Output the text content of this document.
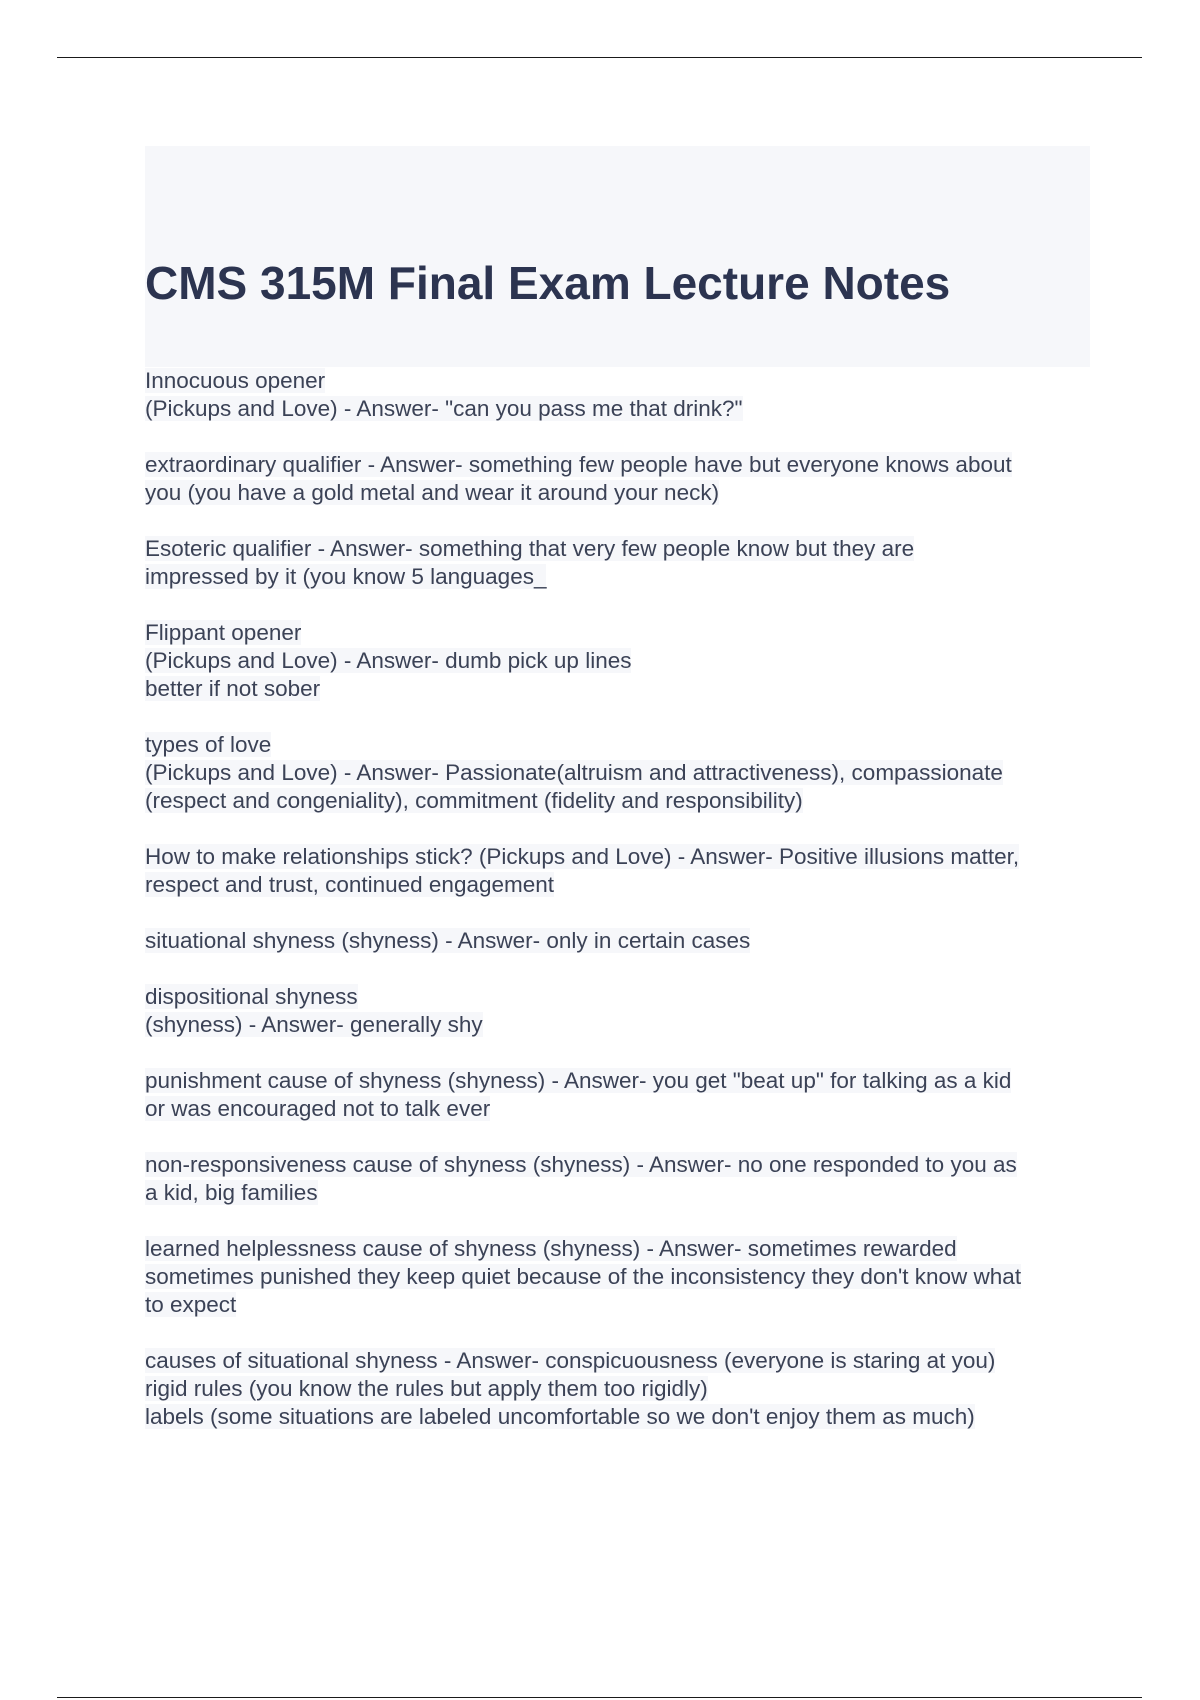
CMS 315M Final Exam Lecture Notes
Innocuous opener
(Pickups and Love) - Answer- "can you pass me that drink?"
extraordinary qualifier - Answer- something few people have but everyone knows about
you (you have a gold metal and wear it around your neck)
Esoteric qualifier - Answer- something that very few people know but they are
impressed by it (you know 5 languages_
Flippant opener
(Pickups and Love) - Answer- dumb pick up lines
better if not sober
types of love
(Pickups and Love) - Answer- Passionate(altruism and attractiveness), compassionate
(respect and congeniality), commitment (fidelity and responsibility)
How to make relationships stick? (Pickups and Love) - Answer- Positive illusions matter,
respect and trust, continued engagement
situational shyness (shyness) - Answer- only in certain cases
dispositional shyness
(shyness) - Answer- generally shy
punishment cause of shyness (shyness) - Answer- you get "beat up" for talking as a kid
or was encouraged not to talk ever
non-responsiveness cause of shyness (shyness) - Answer- no one responded to you as
a kid, big families
learned helplessness cause of shyness (shyness) - Answer- sometimes rewarded
sometimes punished they keep quiet because of the inconsistency they don't know what
to expect
causes of situational shyness - Answer- conspicuousness (everyone is staring at you)
rigid rules (you know the rules but apply them too rigidly)
labels (some situations are labeled uncomfortable so we don't enjoy them as much)
